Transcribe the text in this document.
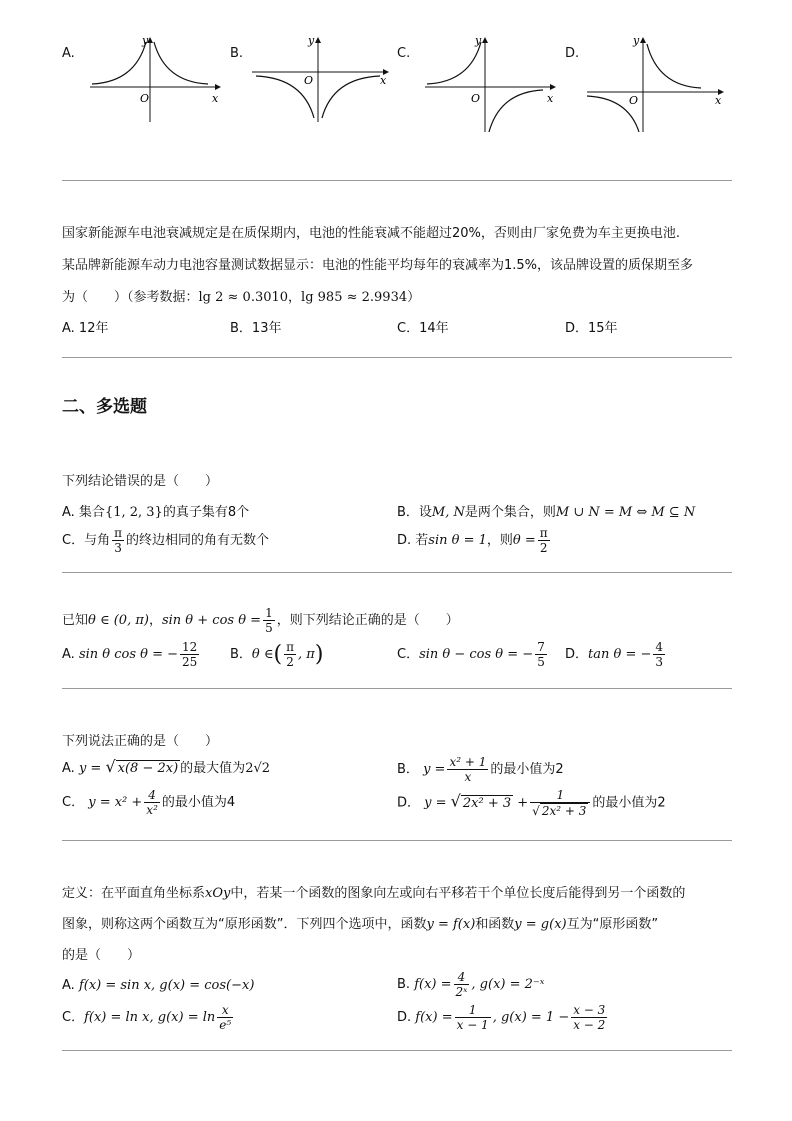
A.	B.	C.	D.
O
y
x
O
y
x
O
y
x	O
y
x
国家新能源车电池衰减规定是在质保期内，电池的性能衰减不能超过20%，否则由厂家免费为车主更换电池.
某品牌新能源车动力电池容量测试数据显示：电池的性能平均每年的衰减率为1.5%，该品牌设置的质保期至多
为（　　）（参考数据：lg 2 ≈ 0.3010，lg 985 ≈ 2.9934）
A. 12年	B．13年	C．14年	D．15年
二、多选题
下列结论错误的是（　　）
A. 集合{1, 2, 3}的真子集有8个	B．设M, N是两个集合，则M ∪ N = M ⇔ M ⊆ N
C．与角 $\frac{\pi}{3}$ 的终边相同的角有无数个	D. 若sin θ = 1，则$\theta = \frac{\pi}{2}$
已知θ ∈ (0, π)，$\sin \theta + \cos \theta = \frac{1}{5}$ ，则下列结论正确的是（　　）
A. sin θ cos θ = − $\frac{12}{25}$ B．θ ∈( $\frac{\pi}{2}$ , π)	C．sin θ − cos θ = − $\frac{7}{5}$ D．tan θ = − $\frac{4}{3}$
下列说法正确的是（　　）
A. y = √ x(8 − 2x) 的最大值为2√2	B． $y = \frac{\text{x² + 1}}{x}$ 的最小值为2
C． $y = x^2 + \frac{4}{\text{x²}}$ 的最小值为4	D． y = √ $2x^2 + 3 + \frac{1}{\text{√ 2x² + 3}}$ 的最小值为2
定义：在平面直角坐标系xOy中，若某一个函数的图象向左或向右平移若干个单位长度后能得到另一个函数的
图象，则称这两个函数互为“原形函数”．下列四个选项中，函数y = f(x)和函数y = g(x)互为“原形函数”
的是（　　）
A. f(x) = sin x, g(x) = cos(−x)	B. $f(x) = \frac{4}{\text{2ˣ}}$ , g(x) = 2⁻ˣ
C．f(x) = ln x, $g(x) = \ln \frac{x}{\text{e⁵}}$	D. $f(x) = \frac{1}{x - 1}$ , $g(x) = 1 - \frac{x - 3}{x - 2}$
